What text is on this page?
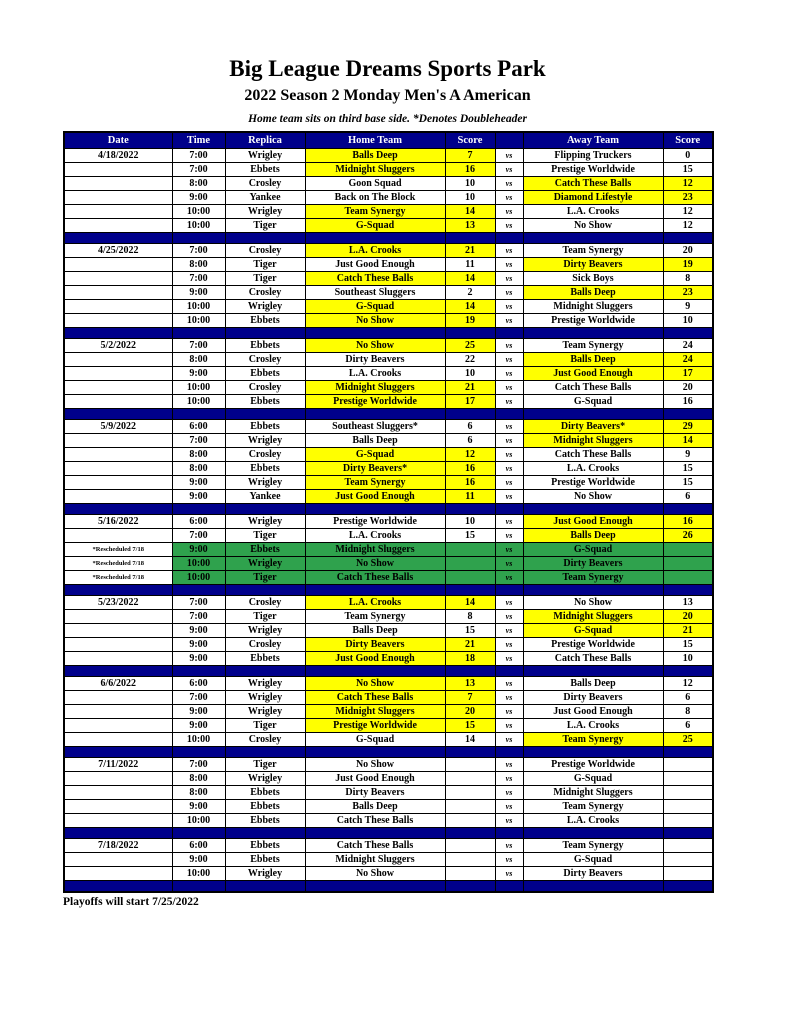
Big League Dreams Sports Park
2022 Season 2 Monday Men's A American
Home team sits on third base side. *Denotes Doubleheader
Date	Time	Replica	Home Team	Score		Away Team	Score
4/18/2022	7:00	Wrigley	Balls Deep	7	vs	Flipping Truckers	0
	7:00	Ebbets	Midnight Sluggers	16	vs	Prestige Worldwide	15
	8:00	Crosley	Goon Squad	10	vs	Catch These Balls	12
	9:00	Yankee	Back on The Block	10	vs	Diamond Lifestyle	23
	10:00	Wrigley	Team Synergy	14	vs	L.A. Crooks	12
	10:00	Tiger	G-Squad	13	vs	No Show	12

4/25/2022	7:00	Crosley	L.A. Crooks	21	vs	Team Synergy	20
	8:00	Tiger	Just Good Enough	11	vs	Dirty Beavers	19
	7:00	Tiger	Catch These Balls	14	vs	Sick Boys	8
	9:00	Crosley	Southeast Sluggers	2	vs	Balls Deep	23
	10:00	Wrigley	G-Squad	14	vs	Midnight Sluggers	9
	10:00	Ebbets	No Show	19	vs	Prestige Worldwide	10

5/2/2022	7:00	Ebbets	No Show	25	vs	Team Synergy	24
	8:00	Crosley	Dirty Beavers	22	vs	Balls Deep	24
	9:00	Ebbets	L.A. Crooks	10	vs	Just Good Enough	17
	10:00	Crosley	Midnight Sluggers	21	vs	Catch These Balls	20
	10:00	Ebbets	Prestige Worldwide	17	vs	G-Squad	16

5/9/2022	6:00	Ebbets	Southeast Sluggers*	6	vs	Dirty Beavers*	29
	7:00	Wrigley	Balls Deep	6	vs	Midnight Sluggers	14
	8:00	Crosley	G-Squad	12	vs	Catch These Balls	9
	8:00	Ebbets	Dirty Beavers*	16	vs	L.A. Crooks	15
	9:00	Wrigley	Team Synergy	16	vs	Prestige Worldwide	15
	9:00	Yankee	Just Good Enough	11	vs	No Show	6

5/16/2022	6:00	Wrigley	Prestige Worldwide	10	vs	Just Good Enough	16
	7:00	Tiger	L.A. Crooks	15	vs	Balls Deep	26
*Rescheduled 7/18	9:00	Ebbets	Midnight Sluggers		vs	G-Squad	
*Rescheduled 7/18	10:00	Wrigley	No Show		vs	Dirty Beavers	
*Rescheduled 7/18	10:00	Tiger	Catch These Balls		vs	Team Synergy	

5/23/2022	7:00	Crosley	L.A. Crooks	14	vs	No Show	13
	7:00	Tiger	Team Synergy	8	vs	Midnight Sluggers	20
	9:00	Wrigley	Balls Deep	15	vs	G-Squad	21
	9:00	Crosley	Dirty Beavers	21	vs	Prestige Worldwide	15
	9:00	Ebbets	Just Good Enough	18	vs	Catch These Balls	10

6/6/2022	6:00	Wrigley	No Show	13	vs	Balls Deep	12
	7:00	Wrigley	Catch These Balls	7	vs	Dirty Beavers	6
	9:00	Wrigley	Midnight Sluggers	20	vs	Just Good Enough	8
	9:00	Tiger	Prestige Worldwide	15	vs	L.A. Crooks	6
	10:00	Crosley	G-Squad	14	vs	Team Synergy	25

7/11/2022	7:00	Tiger	No Show		vs	Prestige Worldwide	
	8:00	Wrigley	Just Good Enough		vs	G-Squad	
	8:00	Ebbets	Dirty Beavers		vs	Midnight Sluggers	
	9:00	Ebbets	Balls Deep		vs	Team Synergy	
	10:00	Ebbets	Catch These Balls		vs	L.A. Crooks	

7/18/2022	6:00	Ebbets	Catch These Balls		vs	Team Synergy	
	9:00	Ebbets	Midnight Sluggers		vs	G-Squad	
	10:00	Wrigley	No Show		vs	Dirty Beavers	

Playoffs will start 7/25/2022
